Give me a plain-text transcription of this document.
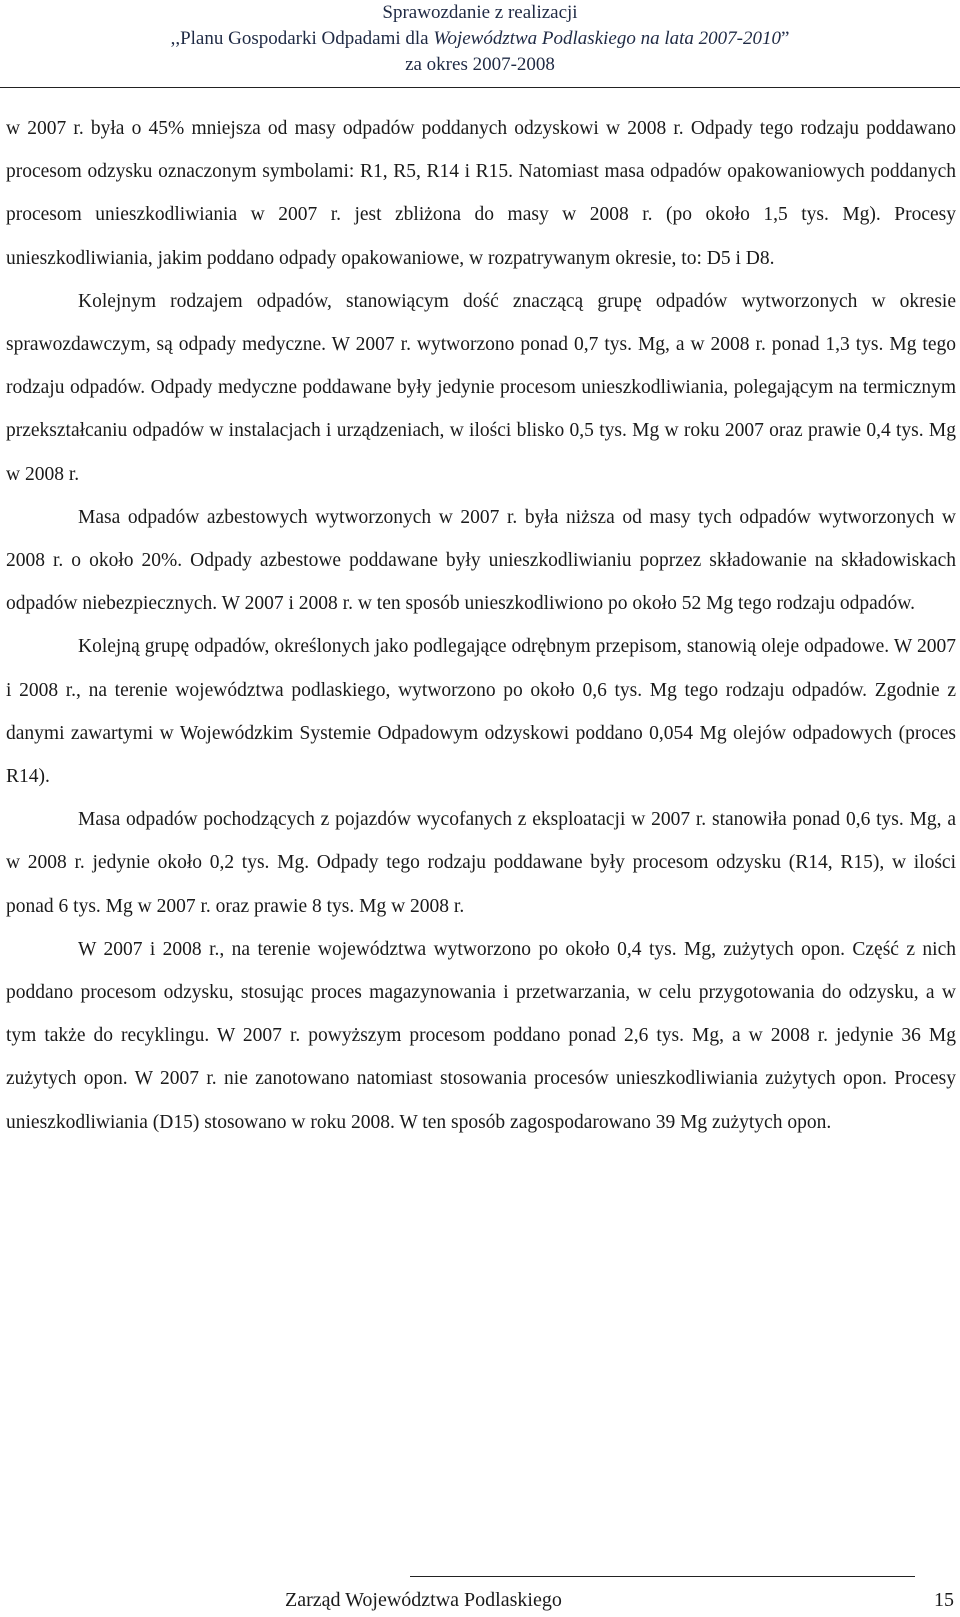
Sprawozdanie z realizacji
,,Planu Gospodarki Odpadami dla Województwa Podlaskiego na lata 2007-2010”
za okres 2007-2008

w 2007 r. była o 45% mniejsza od masy odpadów poddanych odzyskowi w 2008 r. Odpady tego rodzaju poddawano procesom odzysku oznaczonym symbolami: R1, R5, R14 i R15. Natomiast masa odpadów opakowaniowych poddanych procesom unieszkodliwiania w 2007 r. jest zbliżona do masy w 2008 r. (po około 1,5 tys. Mg). Procesy unieszkodliwiania, jakim poddano odpady opakowaniowe, w rozpatrywanym okresie, to: D5 i D8.

Kolejnym rodzajem odpadów, stanowiącym dość znaczącą grupę odpadów wytworzonych w okresie sprawozdawczym, są odpady medyczne. W 2007 r. wytworzono ponad 0,7 tys. Mg, a w 2008 r. ponad 1,3 tys. Mg tego rodzaju odpadów. Odpady medyczne poddawane były jedynie procesom unieszkodliwiania, polegającym na termicznym przekształcaniu odpadów w instalacjach i urządzeniach, w ilości blisko 0,5 tys. Mg w roku 2007 oraz prawie 0,4 tys. Mg w 2008 r.

Masa odpadów azbestowych wytworzonych w 2007 r. była niższa od masy tych odpadów wytworzonych w 2008 r. o około 20%. Odpady azbestowe poddawane były unieszkodliwianiu poprzez składowanie na składowiskach odpadów niebezpiecznych. W 2007 i 2008 r. w ten sposób unieszkodliwiono po około 52 Mg tego rodzaju odpadów.

Kolejną grupę odpadów, określonych jako podlegające odrębnym przepisom, stanowią oleje odpadowe. W 2007 i 2008 r., na terenie województwa podlaskiego, wytworzono po około 0,6 tys. Mg tego rodzaju odpadów. Zgodnie z danymi zawartymi w Wojewódzkim Systemie Odpadowym odzyskowi poddano 0,054 Mg olejów odpadowych (proces R14).

Masa odpadów pochodzących z pojazdów wycofanych z eksploatacji w 2007 r. stanowiła ponad 0,6 tys. Mg, a w 2008 r. jedynie około 0,2 tys. Mg. Odpady tego rodzaju poddawane były procesom odzysku (R14, R15), w ilości ponad 6 tys. Mg w 2007 r. oraz prawie 8 tys. Mg w 2008 r.

W 2007 i 2008 r., na terenie województwa wytworzono po około 0,4 tys. Mg, zużytych opon. Część z nich poddano procesom odzysku, stosując proces magazynowania i przetwarzania, w celu przygotowania do odzysku, a w tym także do recyklingu. W 2007 r. powyższym procesom poddano ponad 2,6 tys. Mg, a w 2008 r. jedynie 36 Mg zużytych opon. W 2007 r. nie zanotowano natomiast stosowania procesów unieszkodliwiania zużytych opon. Procesy unieszkodliwiania (D15) stosowano w roku 2008. W ten sposób zagospodarowano 39 Mg zużytych opon.

Zarząd Województwa Podlaskiego	15
